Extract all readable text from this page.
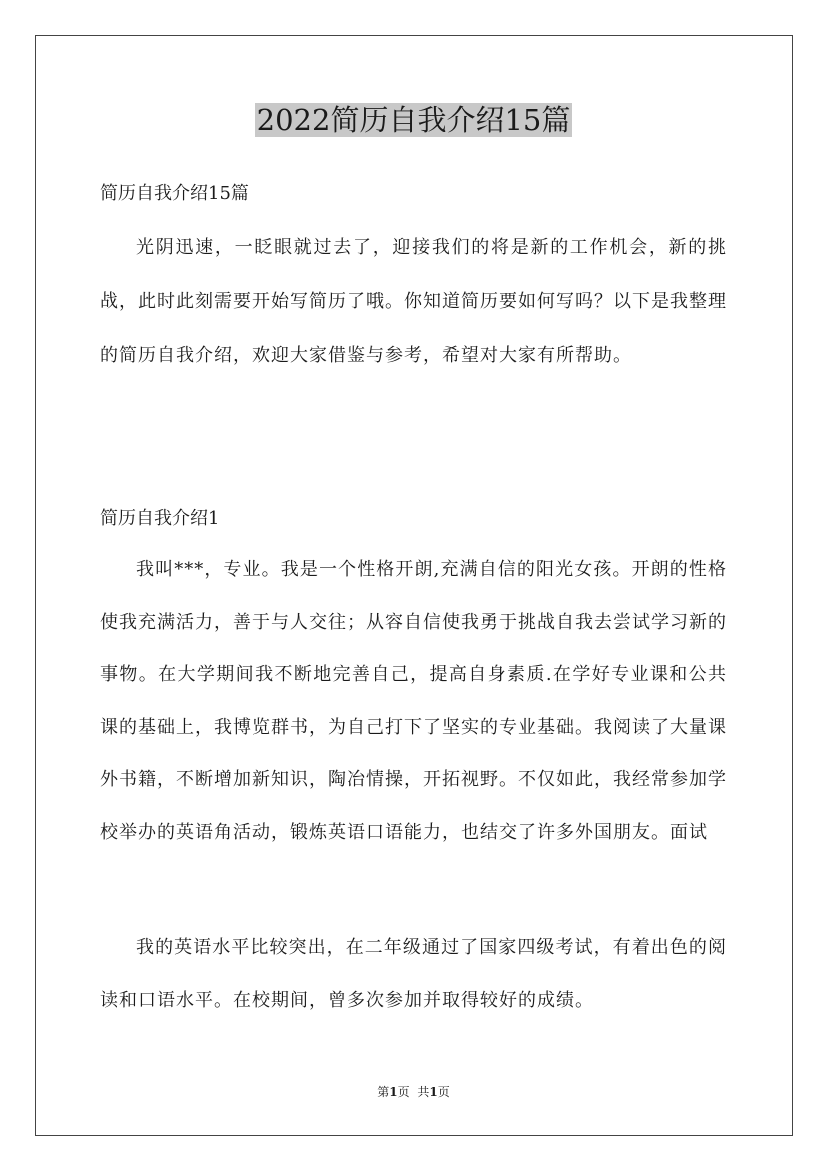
2022简历自我介绍15篇

简历自我介绍15篇

光阴迅速，一眨眼就过去了，迎接我们的将是新的工作机会，新的挑战，此时此刻需要开始写简历了哦。你知道简历要如何写吗？以下是我整理的简历自我介绍，欢迎大家借鉴与参考，希望对大家有所帮助。

简历自我介绍1

我叫***，专业。我是一个性格开朗,充满自信的阳光女孩。开朗的性格使我充满活力，善于与人交往；从容自信使我勇于挑战自我去尝试学习新的事物。在大学期间我不断地完善自己，提高自身素质.在学好专业课和公共课的基础上，我博览群书，为自己打下了坚实的专业基础。我阅读了大量课外书籍，不断增加新知识，陶冶情操，开拓视野。不仅如此，我经常参加学校举办的英语角活动，锻炼英语口语能力，也结交了许多外国朋友。面试

我的英语水平比较突出，在二年级通过了国家四级考试，有着出色的阅读和口语水平。在校期间，曾多次参加并取得较好的成绩。

第1页 共1页
